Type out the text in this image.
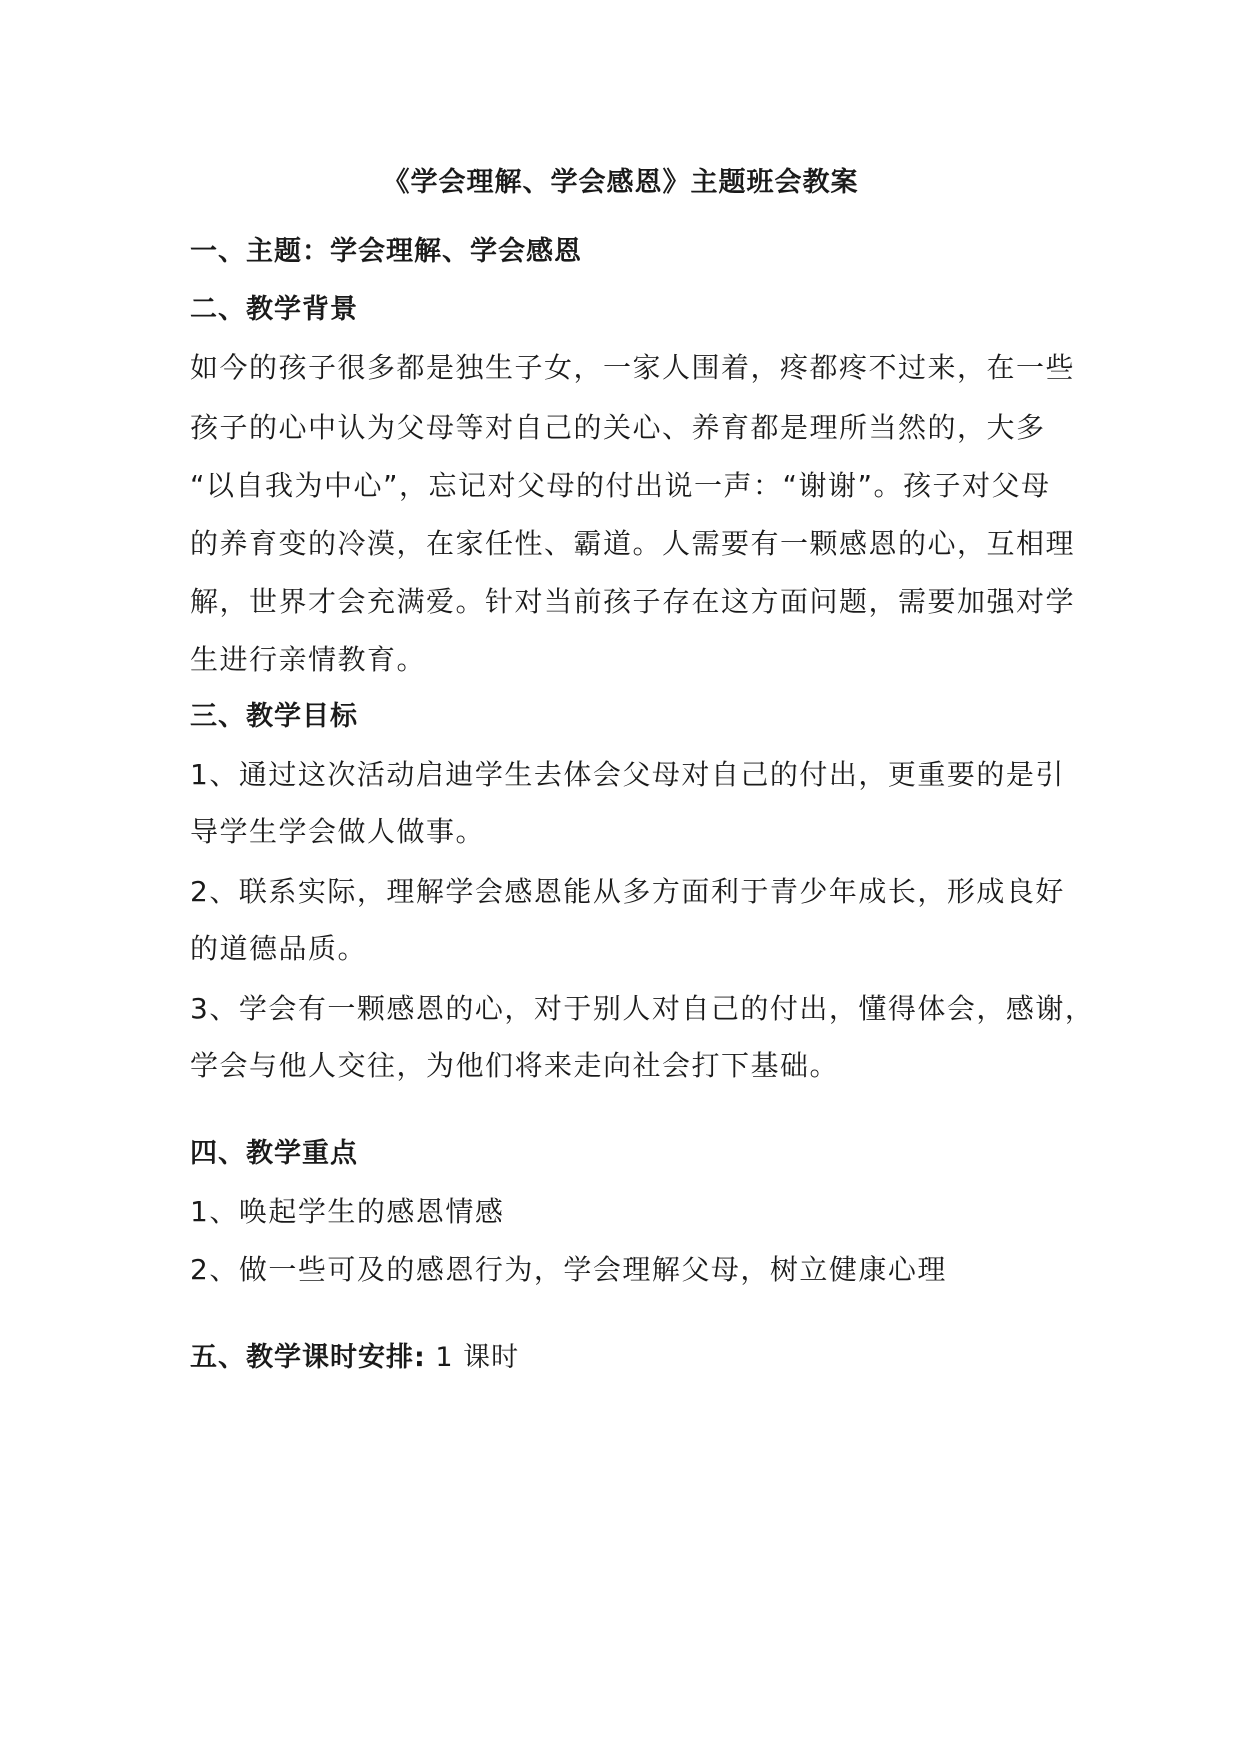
《学会理解、学会感恩》主题班会教案
一、主题：学会理解、学会感恩
二、教学背景
如今的孩子很多都是独生子女，一家人围着，疼都疼不过来，在一些
孩子的心中认为父母等对自己的关心、养育都是理所当然的，大多
“以自我为中心”，忘记对父母的付出说一声：“谢谢”。孩子对父母
的养育变的冷漠，在家任性、霸道。人需要有一颗感恩的心，互相理
解，世界才会充满爱。针对当前孩子存在这方面问题，需要加强对学
生进行亲情教育。
三、教学目标
1、通过这次活动启迪学生去体会父母对自己的付出，更重要的是引
导学生学会做人做事。
2、联系实际，理解学会感恩能从多方面利于青少年成长，形成良好
的道德品质。
3、学会有一颗感恩的心，对于别人对自己的付出，懂得体会，感谢，
学会与他人交往，为他们将来走向社会打下基础。
四、教学重点
1、唤起学生的感恩情感
2、做一些可及的感恩行为，学会理解父母，树立健康心理
五、教学课时安排: 1 课时
